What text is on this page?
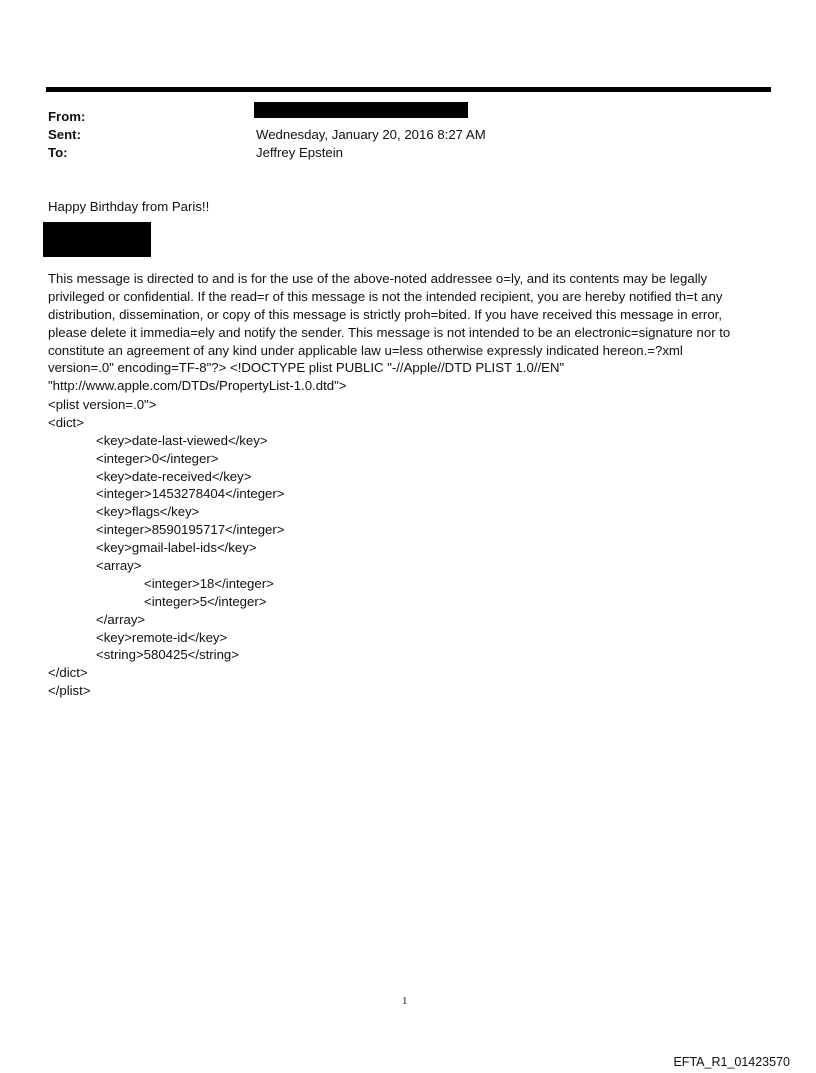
From:
Sent:	Wednesday, January 20, 2016 8:27 AM
To:	Jeffrey Epstein
Happy Birthday from Paris!!
This message is directed to and is for the use of the above-noted addressee o=ly, and its contents may be legally
privileged or confidential. If the read=r of this message is not the intended recipient, you are hereby notified th=t any
distribution, dissemination, or copy of this message is strictly proh=bited. If you have received this message in error,
please delete it immedia=ely and notify the sender. This message is not intended to be an electronic=signature nor to
constitute an agreement of any kind under applicable law u=less otherwise expressly indicated hereon.=?xml
version=.0" encoding=TF-8"?> <!DOCTYPE plist PUBLIC "-//Apple//DTD PLIST 1.0//EN"
"http://www.apple.com/DTDs/PropertyList-1.0.dtd">
<plist version=.0">
<dict>
<key>date-last-viewed</key>
<integer>0</integer>
<key>date-received</key>
<integer>1453278404</integer>
<key>flags</key>
<integer>8590195717</integer>
<key>gmail-label-ids</key>
<array>
<integer>18</integer>
<integer>5</integer>
</array>
<key>remote-id</key>
<string>580425</string>
</dict>
</plist>
1
EFTA_R1_01423570
